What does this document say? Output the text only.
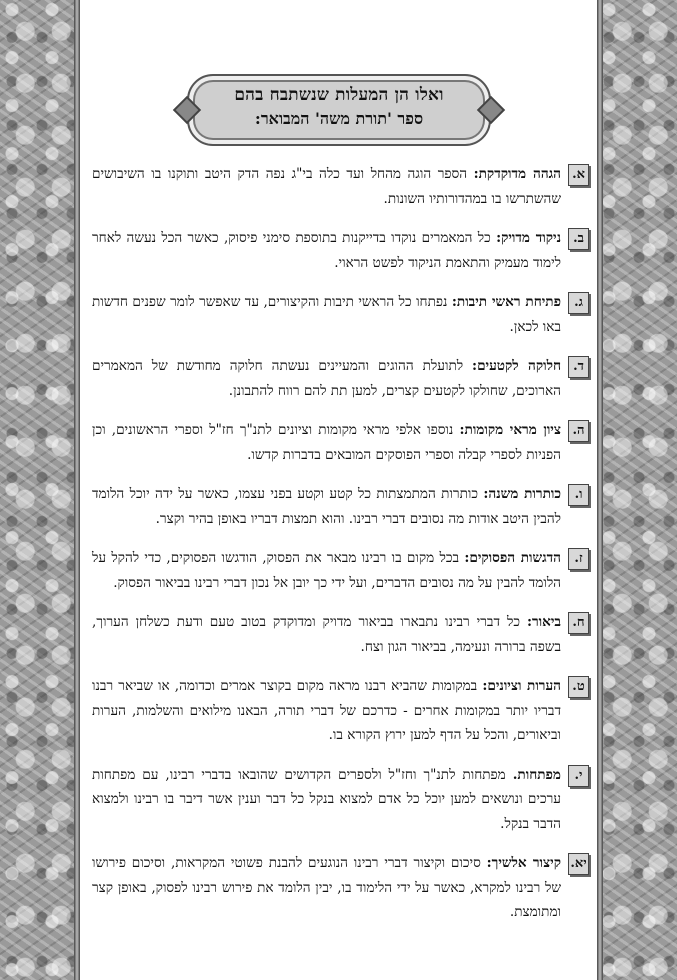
ואלו הן המעלות שנשתבח בהם
ספר 'תורת משה' המבואר:
א.
הגהה מדוקדקת: הספר הוגה מהחל ועד כלה בי"ג נפה הדק היטב ותוקנו בו השיבושים שהשתרשו בו במהדורותיו השונות.
ב.
ניקוד מדויק: כל המאמרים נוקדו בדייקנות בתוספת סימני פיסוק, כאשר הכל נעשה לאחר לימוד מעמיק והתאמת הניקוד לפשט הראוי.
ג.
פתיחת ראשי תיבות: נפתחו כל הראשי תיבות והקיצורים, עד שאפשר לומר שפנים חדשות באו לכאן.
ד.
חלוקה לקטעים: לתועלת ההוגים והמעיינים נעשתה חלוקה מחודשת של המאמרים הארוכים, שחולקו לקטעים קצרים, למען תת להם רווח להתבונן.
ה.
ציון מראי מקומות: נוספו אלפי מראי מקומות וציונים לתנ"ך חז"ל וספרי הראשונים, וכן הפניות לספרי קבלה וספרי הפוסקים המובאים בדברות קדשו.
ו.
כותרות משנה: כותרות המתמצתות כל קטע וקטע בפני עצמו, כאשר על ידה יוכל הלומד להבין היטב אודות מה נסובים דברי רבינו. והוא תמצות דבריו באופן בהיר וקצר.
ז.
הדגשות הפסוקים: בכל מקום בו רבינו מבאר את הפסוק, הודגשו הפסוקים, כדי להקל על הלומד להבין על מה נסובים הדברים, ועל ידי כך יובן אל נכון דברי רבינו בביאור הפסוק.
ח.
ביאור: כל דברי רבינו נתבארו בביאור מדויק ומדוקדק בטוב טעם ודעת כשלחן הערוך, בשפה ברורה ונעימה, בביאור הגון וצח.
ט.
הערות וציונים: במקומות שהביא רבנו מראה מקום בקוצר אמרים וכדומה, או שביאר רבנו דבריו יותר במקומות אחרים - כדרכם של דברי תורה, הבאנו מילואים והשלמות, הערות וביאורים, והכל על הדף למען ירוץ הקורא בו.
י.
מפתחות. מפתחות לתנ"ך וחז"ל ולספרים הקדושים שהובאו בדברי רבינו, עם מפתחות ערכים ונושאים למען יוכל כל אדם למצוא בנקל כל דבר וענין אשר דיבר בו רבינו ולמצוא הדבר בנקל.
יא.
קיצור אלשיך: סיכום וקיצור דברי רבינו הנוגעים להבנת פשוטי המקראות, וסיכום פירושו של רבינו למקרא, כאשר על ידי הלימוד בו, יבין הלומד את פירוש רבינו לפסוק, באופן קצר ומתומצת.
